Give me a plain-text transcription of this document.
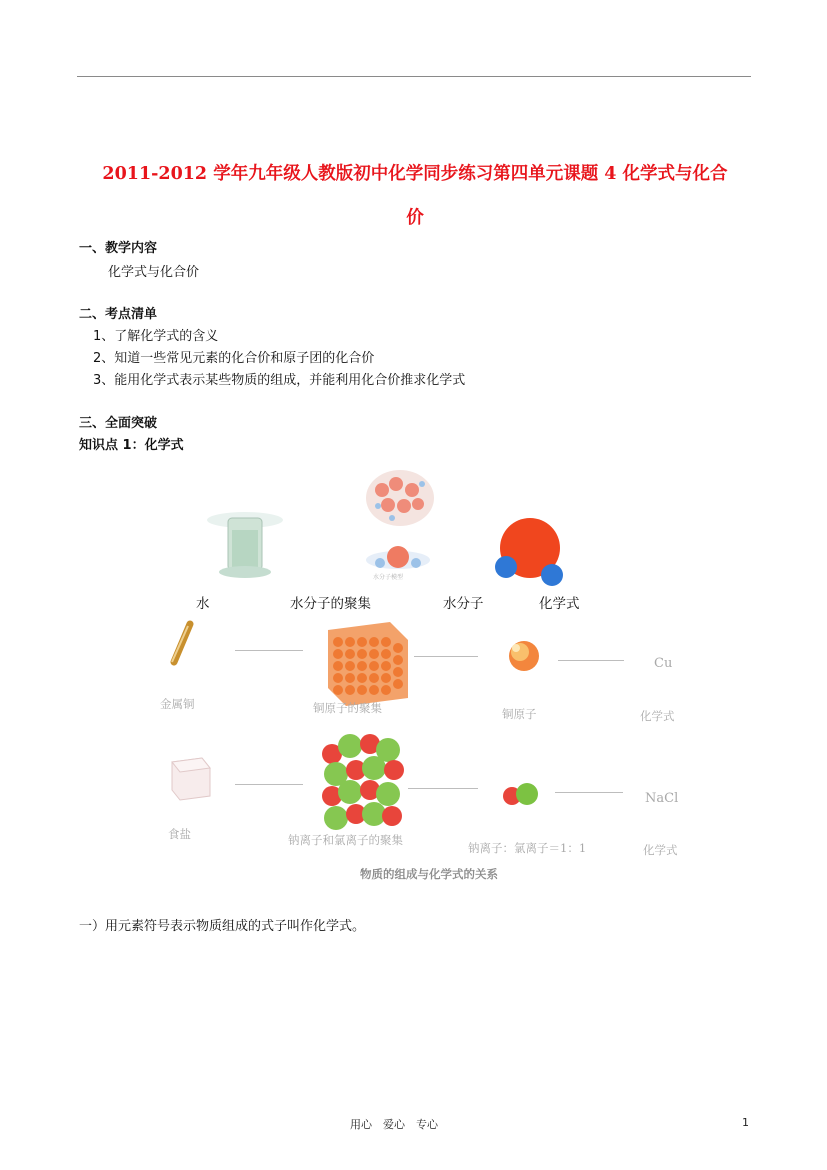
2011-2012 学年九年级人教版初中化学同步练习第四单元课题 4 化学式与化合
价
一、教学内容
化学式与化合价
二、考点清单
1、了解化学式的含义
2、知道一些常见元素的化合价和原子团的化合价
3、能用化学式表示某些物质的组成，并能利用化合价推求化学式
三、全面突破
知识点 1：化学式
水分子模型
水	水分子的聚集	水分子	化学式
金属铜	铜原子的聚集	铜原子	化学式
Cu
食盐	钠离子和氯离子的聚集
钠离子：氯离子＝1：1	化学式
NaCl
物质的组成与化学式的关系
一）用元素符号表示物质组成的式子叫作化学式。
用心　爱心　专心	1
